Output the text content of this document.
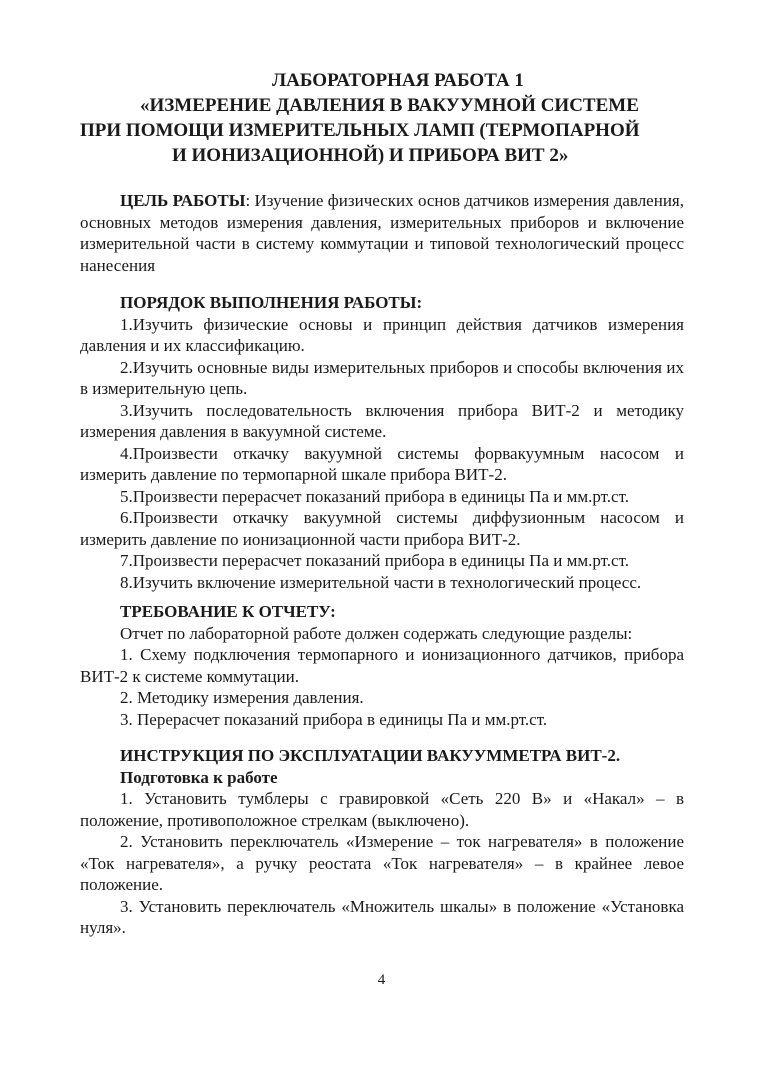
ЛАБОРАТОРНАЯ РАБОТА 1
«ИЗМЕРЕНИЕ ДАВЛЕНИЯ В ВАКУУМНОЙ СИСТЕМЕ
ПРИ ПОМОЩИ ИЗМЕРИТЕЛЬНЫХ ЛАМП (ТЕРМОПАРНОЙ
И ИОНИЗАЦИОННОЙ) И ПРИБОРА ВИТ 2»

ЦЕЛЬ РАБОТЫ: Изучение физических основ датчиков измерения давления, основных методов измерения давления, измерительных приборов и включение измерительной части в систему коммутации и типовой технологический процесс нанесения

ПОРЯДОК ВЫПОЛНЕНИЯ РАБОТЫ:

1.Изучить физические основы и принцип действия датчиков измерения давления и их классификацию.

2.Изучить основные виды измерительных приборов и способы включения их в измерительную цепь.

3.Изучить последовательность включения прибора ВИТ-2 и методику измерения давления в вакуумной системе.

4.Произвести откачку вакуумной системы форвакуумным насосом и измерить давление по термопарной шкале прибора ВИТ-2.

5.Произвести перерасчет показаний прибора в единицы Па и мм.рт.ст.

6.Произвести откачку вакуумной системы диффузионным насосом и измерить давление по ионизационной части прибора ВИТ-2.

7.Произвести перерасчет показаний прибора в единицы Па и мм.рт.ст.

8.Изучить включение измерительной части в технологический процесс.

ТРЕБОВАНИЕ К ОТЧЕТУ:

Отчет по лабораторной работе должен содержать следующие разделы:

1. Схему подключения термопарного и ионизационного датчиков, прибора ВИТ-2 к системе коммутации.

2. Методику измерения давления.

3. Перерасчет показаний прибора в единицы Па и мм.рт.ст.

ИНСТРУКЦИЯ ПО ЭКСПЛУАТАЦИИ ВАКУУММЕТРА ВИТ-2.

Подготовка к работе

1. Установить тумблеры с гравировкой «Сеть 220 В» и «Накал» – в положение, противоположное стрелкам (выключено).

2. Установить переключатель «Измерение – ток нагревателя» в положение «Ток нагревателя», а ручку реостата «Ток нагревателя» – в крайнее левое положение.

3. Установить переключатель «Множитель шкалы» в положение «Установка нуля».

4
